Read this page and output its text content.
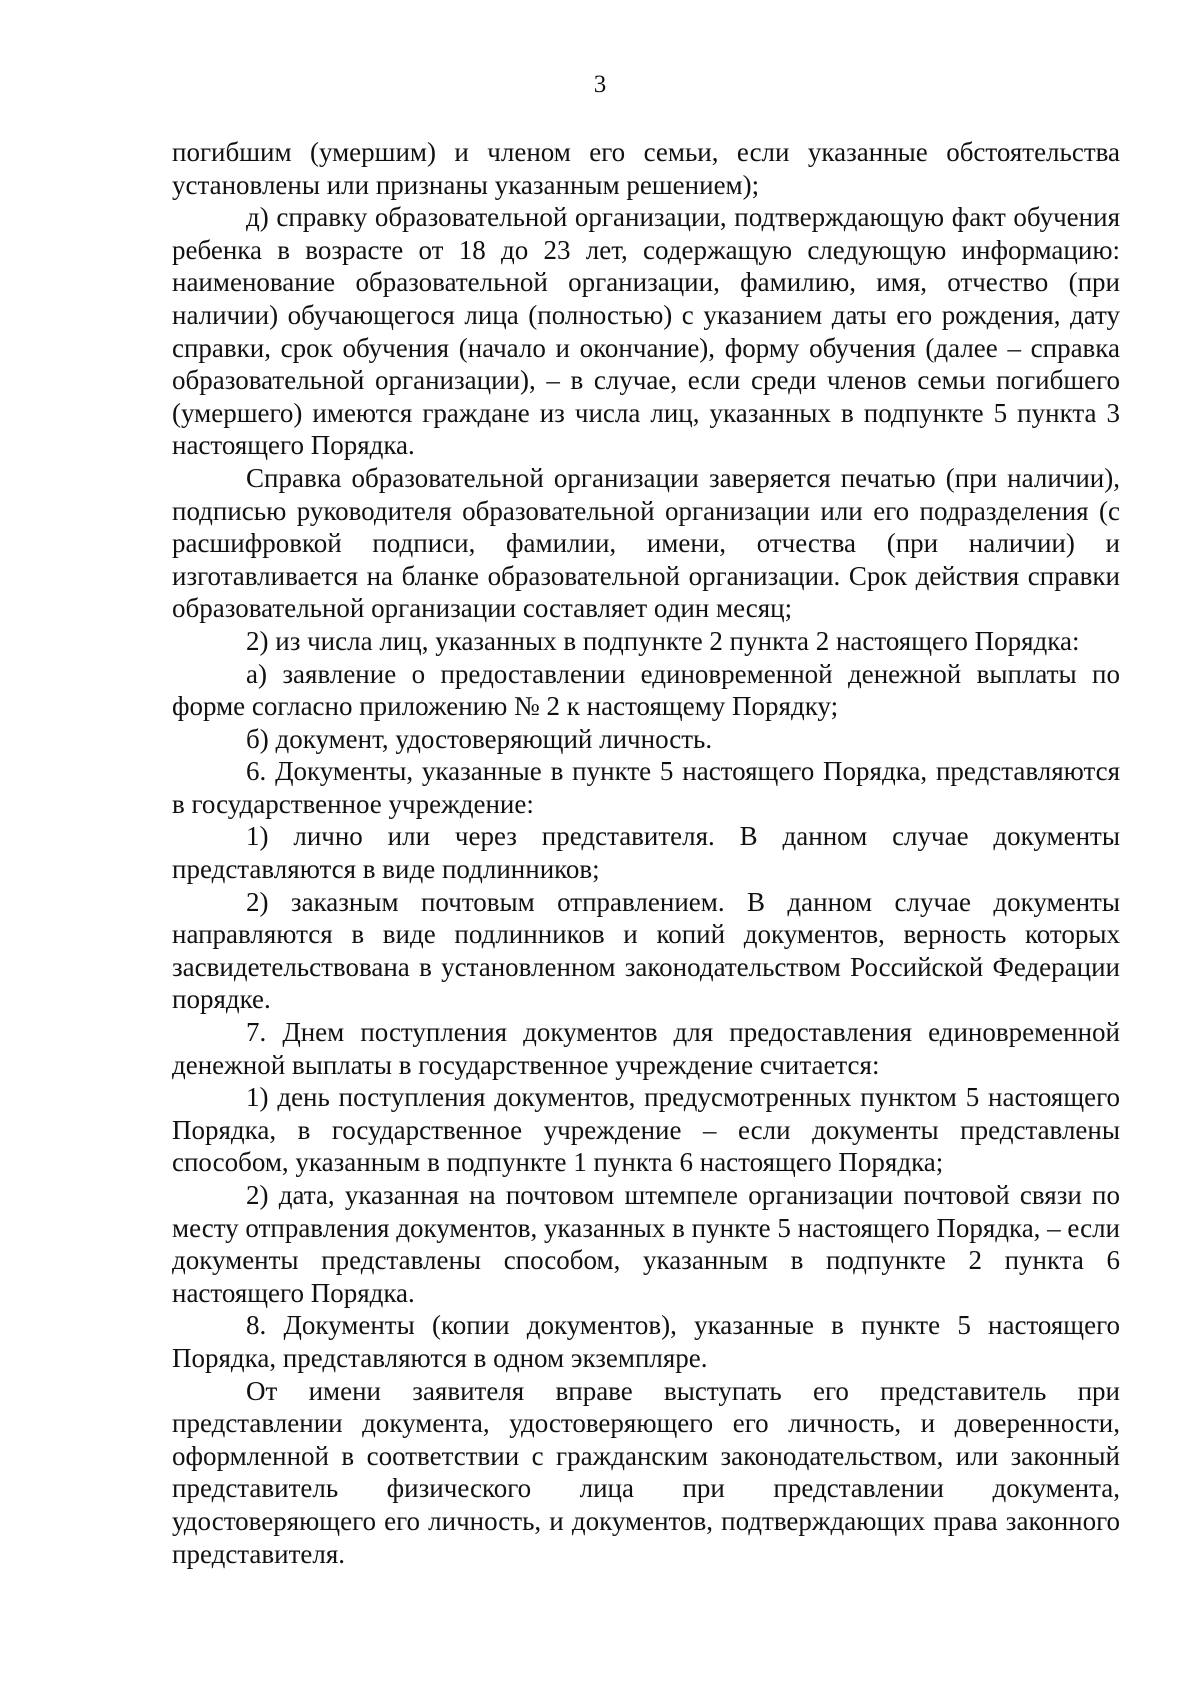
3

погибшим (умершим) и членом его семьи, если указанные обстоятельства установлены или признаны указанным решением);

д) справку образовательной организации, подтверждающую факт обучения ребенка в возрасте от 18 до 23 лет, содержащую следующую информацию: наименование образовательной организации, фамилию, имя, отчество (при наличии) обучающегося лица (полностью) с указанием даты его рождения, дату справки, срок обучения (начало и окончание), форму обучения (далее – справка образовательной организации), – в случае, если среди членов семьи погибшего (умершего) имеются граждане из числа лиц, указанных в подпункте 5 пункта 3 настоящего Порядка.

Справка образовательной организации заверяется печатью (при наличии), подписью руководителя образовательной организации или его подразделения (с расшифровкой подписи, фамилии, имени, отчества (при наличии) и изготавливается на бланке образовательной организации. Срок действия справки образовательной организации составляет один месяц;

2) из числа лиц, указанных в подпункте 2 пункта 2 настоящего Порядка:

а) заявление о предоставлении единовременной денежной выплаты по форме согласно приложению № 2 к настоящему Порядку;

б) документ, удостоверяющий личность.

6. Документы, указанные в пункте 5 настоящего Порядка, представляются в государственное учреждение:

1) лично или через представителя. В данном случае документы представляются в виде подлинников;

2) заказным почтовым отправлением. В данном случае документы направляются в виде подлинников и копий документов, верность которых засвидетельствована в установленном законодательством Российской Федерации порядке.

7. Днем поступления документов для предоставления единовременной денежной выплаты в государственное учреждение считается:

1) день поступления документов, предусмотренных пунктом 5 настоящего Порядка, в государственное учреждение – если документы представлены способом, указанным в подпункте 1 пункта 6 настоящего Порядка;

2) дата, указанная на почтовом штемпеле организации почтовой связи по месту отправления документов, указанных в пункте 5 настоящего Порядка, – если документы представлены способом, указанным в подпункте 2 пункта 6 настоящего Порядка.

8. Документы (копии документов), указанные в пункте 5 настоящего Порядка, представляются в одном экземпляре.

От имени заявителя вправе выступать его представитель при представлении документа, удостоверяющего его личность, и доверенности, оформленной в соответствии с гражданским законодательством, или законный представитель физического лица при представлении документа, удостоверяющего его личность, и документов, подтверждающих права законного представителя.
